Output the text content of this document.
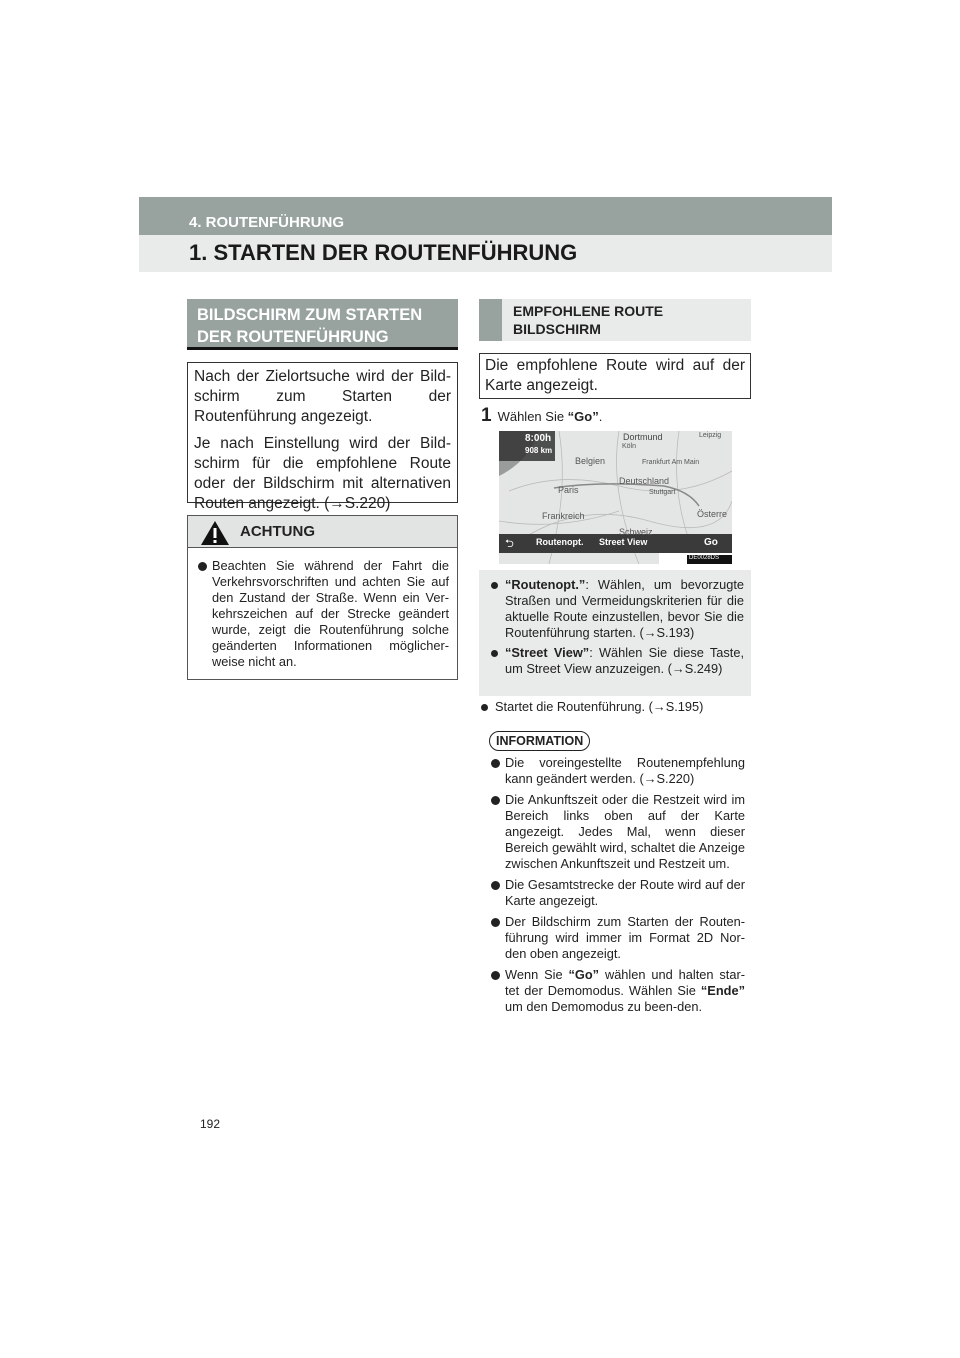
4. ROUTENFÜHRUNG
1. STARTEN DER ROUTENFÜHRUNG
BILDSCHIRM ZUM STARTEN DER ROUTENFÜHRUNG

Nach der Zielortsuche wird der Bild-schirm zum Starten der Routenführung angezeigt.

Je nach Einstellung wird der Bild-schirm für die empfohlene Route oder der Bildschirm mit alternativen Routen angezeigt. (→S.220)

ACHTUNG
Beachten Sie während der Fahrt die Verkehrsvorschriften und achten Sie auf den Zustand der Straße. Wenn ein Ver-kehrszeichen auf der Strecke geändert wurde, zeigt die Routenführung solche geänderten Informationen möglicher-weise nicht an.
EMPFOHLENE ROUTE BILDSCHIRM
Die empfohlene Route wird auf der Karte angezeigt.
1 Wählen Sie “Go”.
8:00h
908 km
Dortmund	Leipzig
Köln
Belgien	Frankfurt Am Main
Paris
Deutschland
Stuttgart
Frankreich	Österre
Schweiz
⮌ Routenopt. Street View	Go
DE0028DS
“Routenopt.”: Wählen, um bevorzugte Straßen und Vermeidungskriterien für die aktuelle Route einzustellen, bevor Sie die Routenführung starten. (→S.193)
“Street View”: Wählen Sie diese Taste, um Street View anzuzeigen. (→S.249)
Startet die Routenführung. (→S.195)
INFORMATION
Die voreingestellte Routenempfehlung kann geändert werden. (→S.220)
Die Ankunftszeit oder die Restzeit wird im Bereich links oben auf der Karte angezeigt. Jedes Mal, wenn dieser Bereich gewählt wird, schaltet die Anzeige zwischen Ankunftszeit und Restzeit um.
Die Gesamtstrecke der Route wird auf der Karte angezeigt.
Der Bildschirm zum Starten der Routen-führung wird immer im Format 2D Nor-den oben angezeigt.
Wenn Sie “Go” wählen und halten star-tet der Demomodus. Wählen Sie “Ende” um den Demomodus zu been-den.
192
